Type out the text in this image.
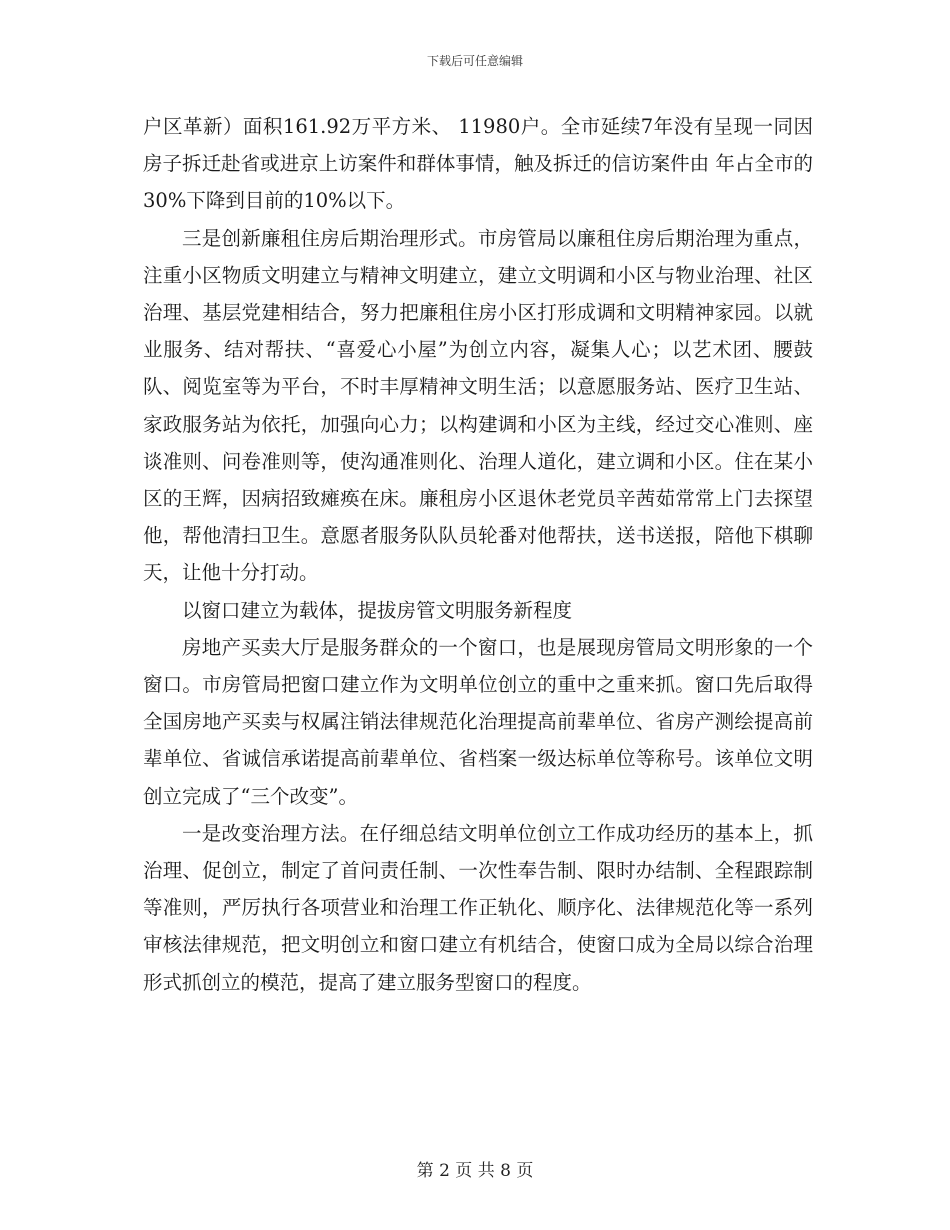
下载后可任意编辑

户区革新）面积161.92万平方米、 11980户。全市延续7年没有呈现一同因房子拆迁赴省或进京上访案件和群体事情，触及拆迁的信访案件由 年占全市的30%下降到目前的10%以下。

三是创新廉租住房后期治理形式。市房管局以廉租住房后期治理为重点，注重小区物质文明建立与精神文明建立，建立文明调和小区与物业治理、社区治理、基层党建相结合，努力把廉租住房小区打形成调和文明精神家园。以就业服务、结对帮扶、“喜爱心小屋”为创立内容，凝集人心；以艺术团、腰鼓队、阅览室等为平台，不时丰厚精神文明生活；以意愿服务站、医疗卫生站、家政服务站为依托，加强向心力；以构建调和小区为主线，经过交心准则、座谈准则、问卷准则等，使沟通准则化、治理人道化，建立调和小区。住在某小区的王辉，因病招致瘫痪在床。廉租房小区退休老党员辛茜茹常常上门去探望他，帮他清扫卫生。意愿者服务队队员轮番对他帮扶，送书送报，陪他下棋聊天，让他十分打动。

以窗口建立为载体，提拔房管文明服务新程度

房地产买卖大厅是服务群众的一个窗口，也是展现房管局文明形象的一个窗口。市房管局把窗口建立作为文明单位创立的重中之重来抓。窗口先后取得全国房地产买卖与权属注销法律规范化治理提高前辈单位、省房产测绘提高前辈单位、省诚信承诺提高前辈单位、省档案一级达标单位等称号。该单位文明创立完成了“三个改变”。

一是改变治理方法。在仔细总结文明单位创立工作成功经历的基本上，抓治理、促创立，制定了首问责任制、一次性奉告制、限时办结制、全程跟踪制等准则，严厉执行各项营业和治理工作正轨化、顺序化、法律规范化等一系列审核法律规范，把文明创立和窗口建立有机结合，使窗口成为全局以综合治理形式抓创立的模范，提高了建立服务型窗口的程度。

第 2 页 共 8 页
